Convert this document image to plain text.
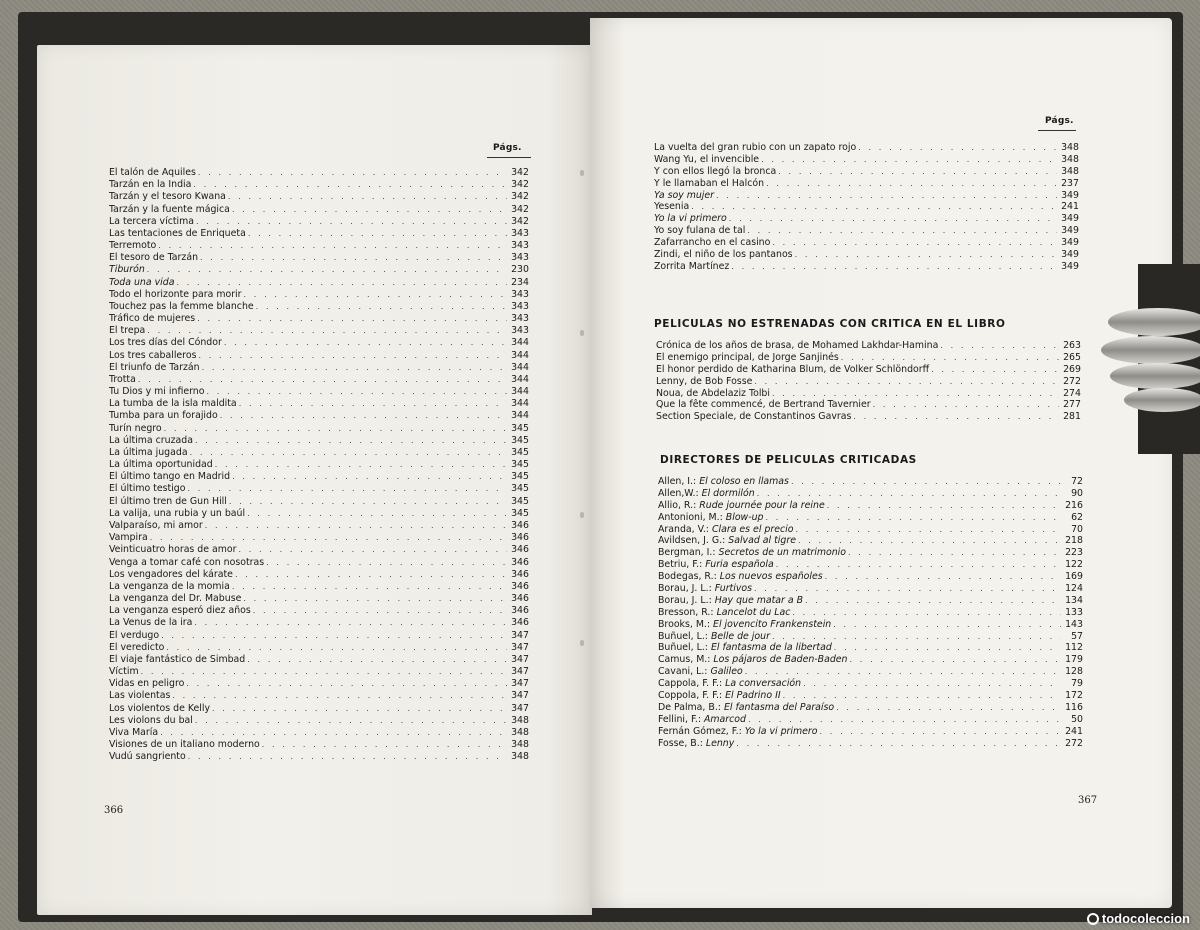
Págs.
El talón de Aquiles . . .	342
Tarzán en la India . . .	342
Tarzán y el tesoro Kwana . . .	342
Tarzán y la fuente mágica . . .	342
La tercera víctima . . .	342
Las tentaciones de Enriqueta . . .	343
Terremoto . . .	343
El tesoro de Tarzán . . .	343
Tiburón . . .	230
Toda una vida . . .	234
Todo el horizonte para morir . . .	343
Touchez pas la femme blanche . . .	343
Tráfico de mujeres . . .	343
El trepa . . .	343
Los tres días del Cóndor . . .	344
Los tres caballeros . . .	344
El triunfo de Tarzán . . .	344
Trotta . . .	344
Tu Dios y mi infierno . . .	344
La tumba de la isla maldita . . .	344
Tumba para un forajido . . .	344
Turín negro . . .	345
La última cruzada . . .	345
La última jugada . . .	345
La última oportunidad . . .	345
El último tango en Madrid . . .	345
El último testigo . . .	345
El último tren de Gun Hill . . .	345
La valija, una rubia y un baúl . . .	345
Valparaíso, mi amor . . .	346
Vampira . . .	346
Veinticuatro horas de amor . . .	346
Venga a tomar café con nosotras . . .	346
Los vengadores del kárate . . .	346
La venganza de la momia . . .	346
La venganza del Dr. Mabuse . . .	346
La venganza esperó diez años . . .	346
La Venus de la ira . . .	346
El verdugo . . .	347
El veredicto . . .	347
El viaje fantástico de Simbad . . .	347
Víctim . . .	347
Vidas en peligro . . .	347
Las violentas . . .	347
Los violentos de Kelly . . .	347
Les violons du bal . . .	348
Viva María . . .	348
Visiones de un italiano moderno . . .	348
Vudú sangriento . . .	348
366
Págs.
La vuelta del gran rubio con un zapato rojo . . .	348
Wang Yu, el invencible . . .	348
Y con ellos llegó la bronca . . .	348
Y le llamaban el Halcón . . .	237
Ya soy mujer . . .	349
Yesenia . . .	241
Yo la vi primero . . .	349
Yo soy fulana de tal . . .	349
Zafarrancho en el casino . . .	349
Zindi, el niño de los pantanos . . .	349
Zorrita Martínez . . .	349
PELICULAS NO ESTRENADAS CON CRITICA EN EL LIBRO
Crónica de los años de brasa, de Mohamed Lakhdar-Hamina . . .	263
El enemigo principal, de Jorge Sanjinés . . .	265
El honor perdido de Katharina Blum, de Volker Schlöndorff . . .	269
Lenny, de Bob Fosse . . .	272
Noua, de Abdelaziz Tolbi . . .	274
Que la fête commencé, de Bertrand Tavernier . . .	277
Section Speciale, de Constantinos Gavras . . .	281
DIRECTORES DE PELICULAS CRITICADAS
Allen, I.:
El coloso en llamas . . .	72
Allen,W.:
El dormilón . . .	90
Allio, R.:
Rude journée pour la reine . . .	216
Antonioni, M.:
Blow-up . . .	62
Aranda, V.:
Clara es el precio . . .	70
Avildsen, J. G.:
Salvad al tigre . . .	218
Bergman, I.:
Secretos de un matrimonio . . .	223
Betriu, F.:
Furia española . . .	122
Bodegas, R.:
Los nuevos españoles . . .	169
Borau, J. L.:
Furtivos . . .	124
Borau, J. L.:
Hay que matar a B . . .	134
Bresson, R.:
Lancelot du Lac . . .	133
Brooks, M.:
El jovencito Frankenstein . . .	143
Buñuel, L.:
Belle de jour . . .	57
Buñuel, L.:
El fantasma de la libertad . . .	112
Camus, M.:
Los pájaros de Baden-Baden . . .	179
Cavani, L.:
Galileo . . .	128
Cappola, F. F.:
La conversación . . .	79
Coppola, F. F.:
El Padrino II . . .	172
De Palma, B.:
El fantasma del Paraíso . . .	116
Fellini, F.:
Amarcod . . .	50
Fernán Gómez, F.:
Yo la vi primero . . .	241
Fosse, B.:
Lenny . . .	272
367
todocoleccion
